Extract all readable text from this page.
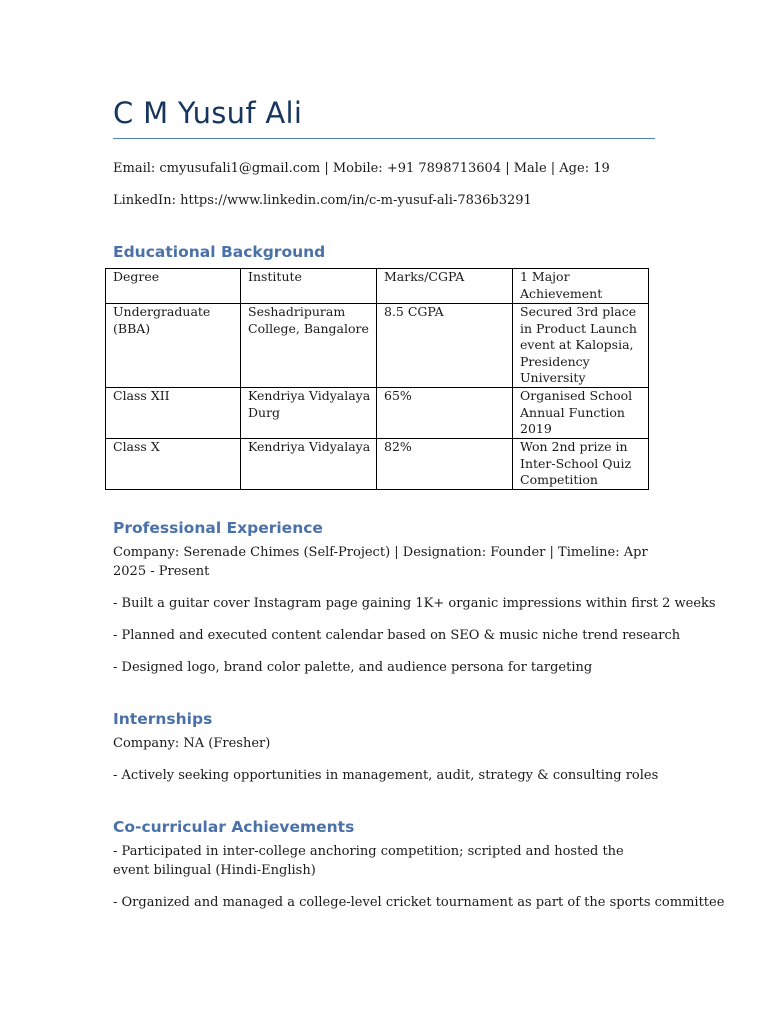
C M Yusuf Ali

Email: cmyusufali1@gmail.com | Mobile: +91 7898713604 | Male | Age: 19

LinkedIn: https://www.linkedin.com/in/c-m-yusuf-ali-7836b3291

Educational Background
Degree	Institute	Marks/CGPA	1 Major Achievement
Undergraduate (BBA)	Seshadripuram College, Bangalore	8.5 CGPA	Secured 3rd place in Product Launch event at Kalopsia, Presidency University
Class XII	Kendriya Vidyalaya Durg	65%	Organised School Annual Function 2019
Class X	Kendriya Vidyalaya	82%	Won 2nd prize in Inter-School Quiz Competition
Professional Experience

Company: Serenade Chimes (Self-Project) | Designation: Founder | Timeline: Apr 2025 - Present

- Built a guitar cover Instagram page gaining 1K+ organic impressions within first 2 weeks

- Planned and executed content calendar based on SEO & music niche trend research

- Designed logo, brand color palette, and audience persona for targeting

Internships

Company: NA (Fresher)

- Actively seeking opportunities in management, audit, strategy & consulting roles

Co-curricular Achievements

- Participated in inter-college anchoring competition; scripted and hosted the event bilingual (Hindi-English)

- Organized and managed a college-level cricket tournament as part of the sports committee
